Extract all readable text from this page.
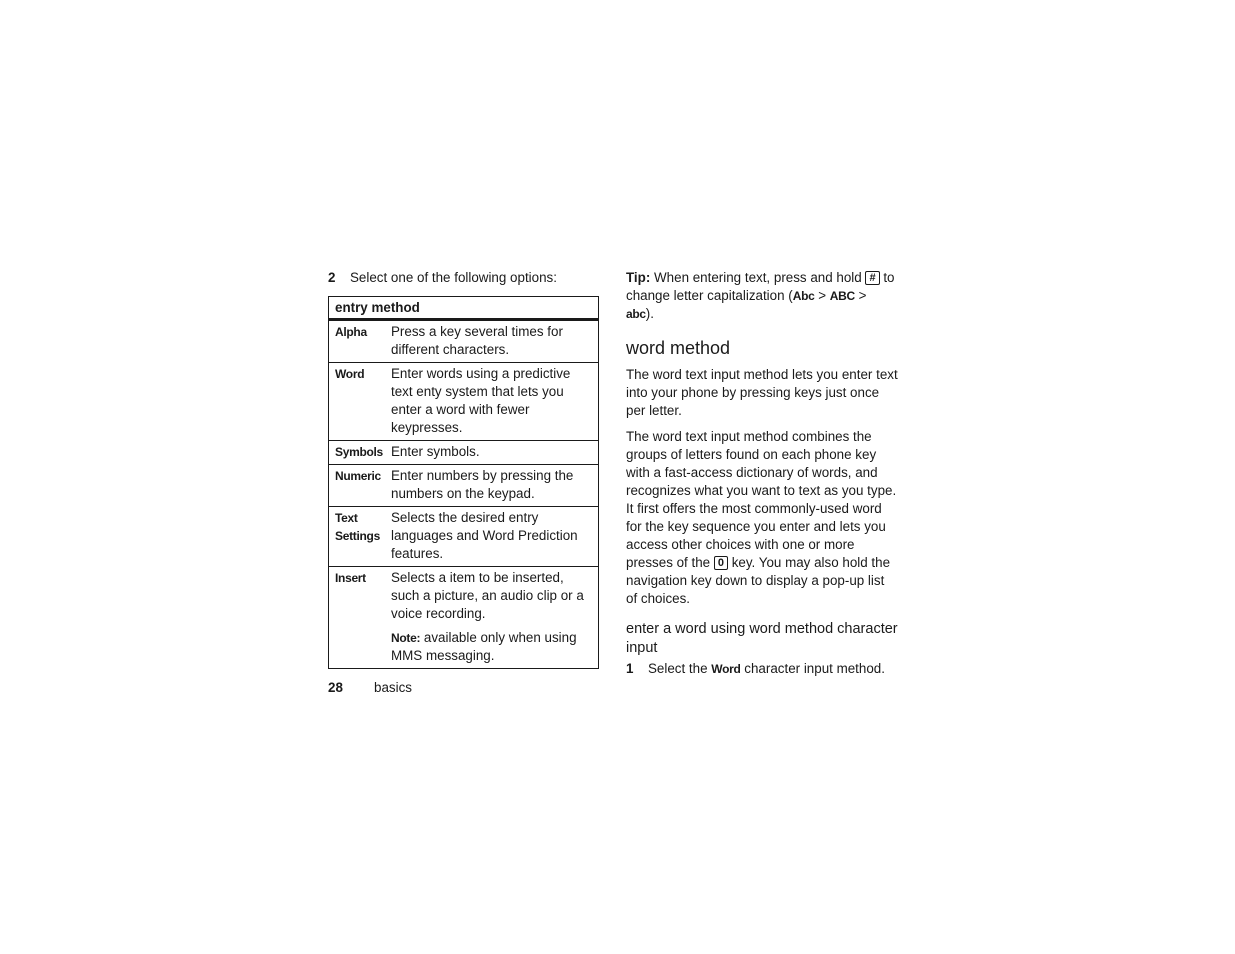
2 Select one of the following options:
entry method	
Alpha	Press a key several times for different characters.
Word	Enter words using a predictive text enty system that lets you enter a word with fewer keypresses.
Symbols	Enter symbols.
Numeric	Enter numbers by pressing the numbers on the keypad.
Text Settings	Selects the desired entry languages and Word Prediction features.
Insert	Selects a item to be inserted, such a picture, an audio clip or a voice recording.
Note: available only when using MMS messaging.

Tip: When entering text, press and hold # to change letter capitalization (Abc > ABC > abc).

word method

The word text input method lets you enter text into your phone by pressing keys just once per letter.

The word text input method combines the groups of letters found on each phone key with a fast-access dictionary of words, and recognizes what you want to text as you type. It first offers the most commonly-used word for the key sequence you enter and lets you access other choices with one or more presses of the 0 key. You may also hold the navigation key down to display a pop-up list of choices.

enter a word using word method character input
1 Select the Word character input method.
28 basics
